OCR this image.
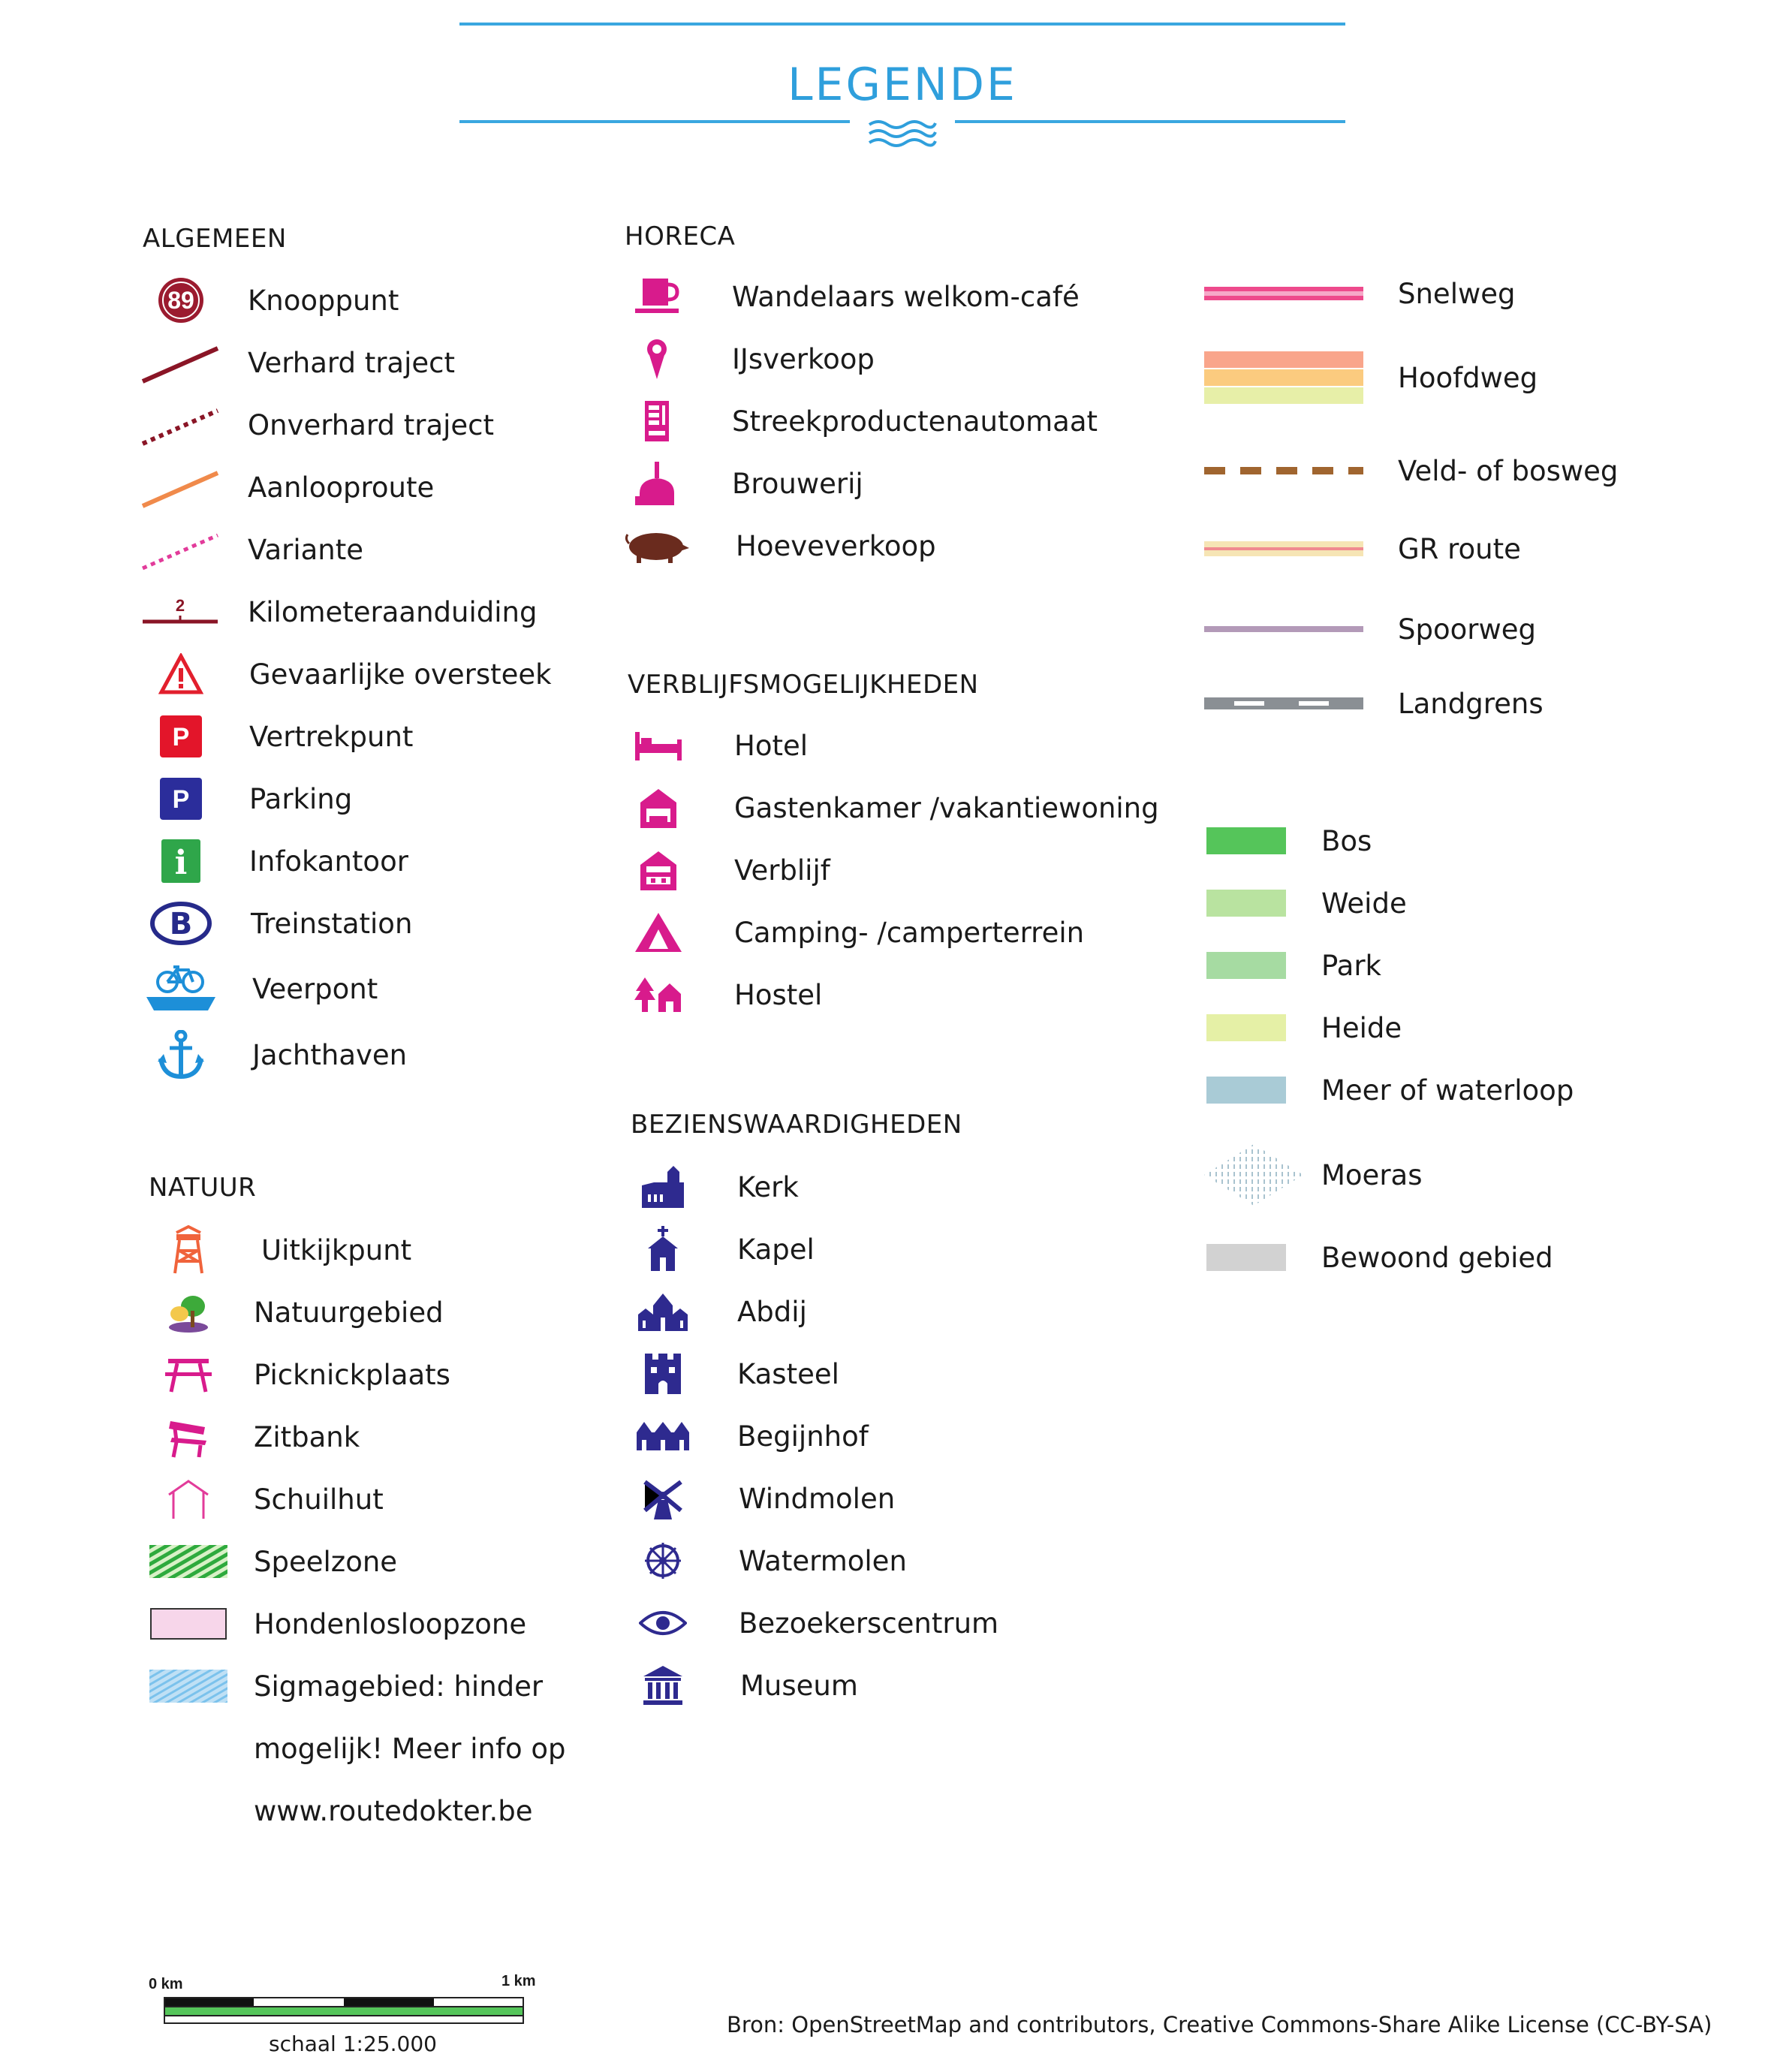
LEGENDE
ALGEMEEN
89 Knooppunt
Verhard traject
Onverhard traject
Aanlooproute
Variante
2 Kilometeraanduiding
Gevaarlijke oversteek
P Vertrekpunt
P Parking
i Infokantoor
B Treinstation
Veerpont
Jachthaven
NATUUR
Uitkijkpunt
Natuurgebied
Picknickplaats
Zitbank
Schuilhut
Speelzone
Hondenlosloopzone
Sigmagebied: hinder
mogelijk! Meer info op
www.routedokter.be
HORECA
Wandelaars welkom-café
IJsverkoop
Streekproductenautomaat
Brouwerij
Hoeveverkoop
VERBLIJFSMOGELIJKHEDEN
Hotel
Gastenkamer /vakantiewoning
Verblijf
Camping- /camperterrein
Hostel
BEZIENSWAARDIGHEDEN
Kerk
Kapel
Abdij
Kasteel
Begijnhof
Windmolen
Watermolen
Bezoekerscentrum
Museum
Snelweg
Hoofdweg
Veld- of bosweg
GR route
Spoorweg
Landgrens
Bos
Weide
Park
Heide
Meer of waterloop
Moeras
Bewoond gebied
0 km	1 km
schaal 1:25.000
Bron: OpenStreetMap and contributors, Creative Commons-Share Alike License (CC-BY-SA)
